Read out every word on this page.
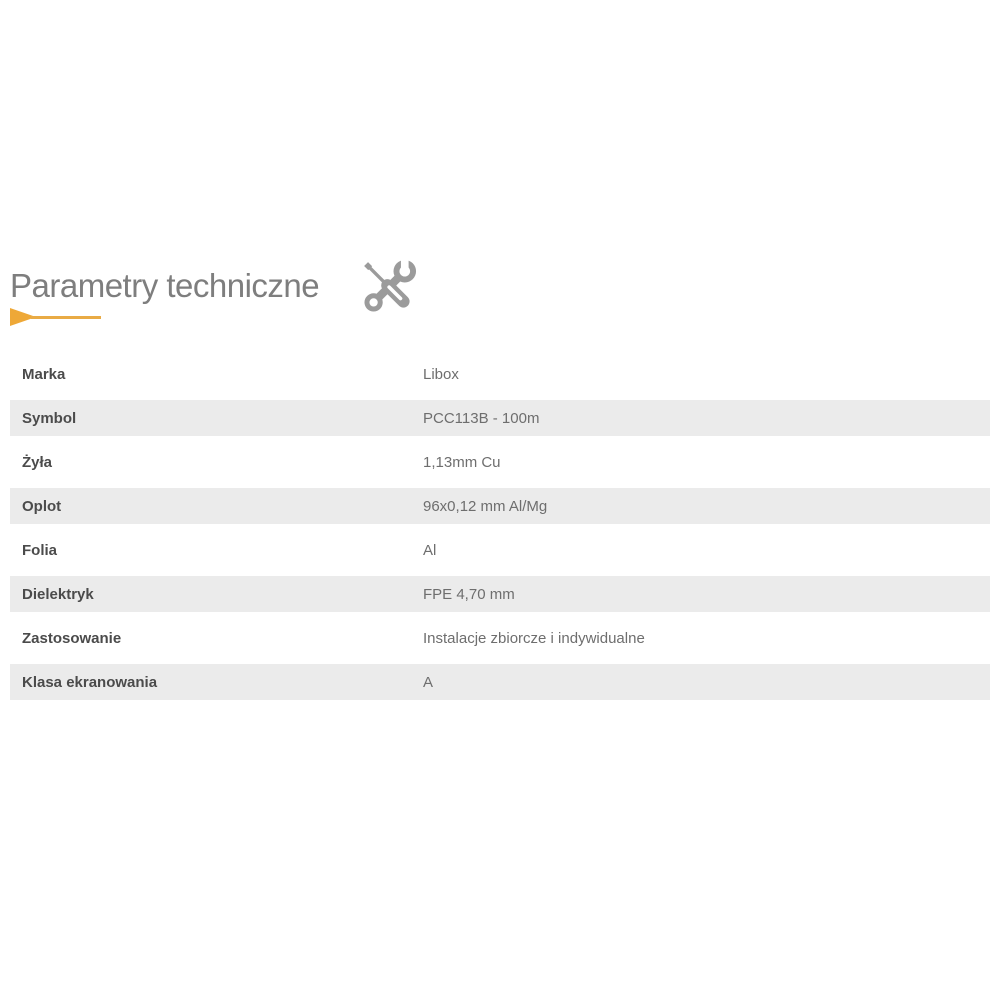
Parametry techniczne
Marka	Libox
Symbol	PCC113B - 100m
Żyła	1,13mm Cu
Oplot	96x0,12 mm Al/Mg
Folia	Al
Dielektryk	FPE 4,70 mm
Zastosowanie	Instalacje zbiorcze i indywidualne
Klasa ekranowania	A
